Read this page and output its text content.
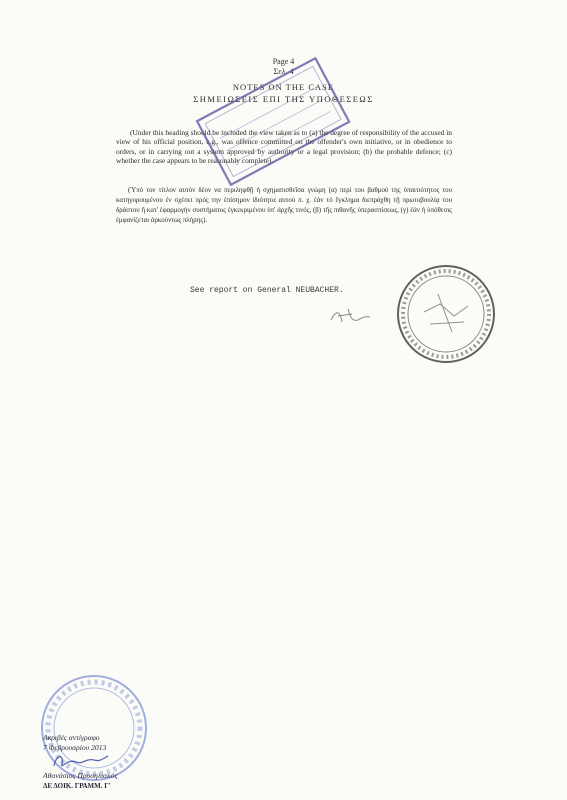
Page 4
Σελ. 4
NOTES ON THE CASE
ΣΗΜΕΙΩΣΕΙΣ ΕΠΙ ΤΗΣ ΥΠΟΘΕΣΕΩΣ

(Under this heading should be included the view taken as to (a) the degree of responsibility of the accused in view of his official position, e.g., was offence committed on the offender's own initiative, or in obedience to orders, or in carrying out a system approved by authority or a legal provision; (b) the probable defence; (c) whether the case appears to be reasonably complete).

(Ὑπό τον τίτλον αυτόν δέον να περιληφθῇ ἡ σχηματισθεῖσα γνώμη (α) περί του βαθμού της ὑπαιτιότητος του κατηγορουμένου ἐν σχέσει πρός την ἐπίσημον ἰδιότητα αυτού π. χ. ἐάν τό ἔγκλημα διεπράχθη τῇ πρωτοβουλίᾳ του δράστου ἤ κατ' ἐφαρμογήν συστήματος ἐγκεκριμένου ὑπ' ἀρχῆς τινός, (β) τῆς πιθανῆς ὑπερασπίσεως, (γ) ἐάν ἡ ὑπόθεσις ἐμφανίζεται ἀρκούντως πλήρης).

See report on General NEUBACHER.
Ακριβές αντίγραφο
7 Φεβρουαρίου 2013
Αθανάσιος Προσηλιακός
ΔΕ ΔΟΙΚ. ΓΡΑΜΜ. Γ'
